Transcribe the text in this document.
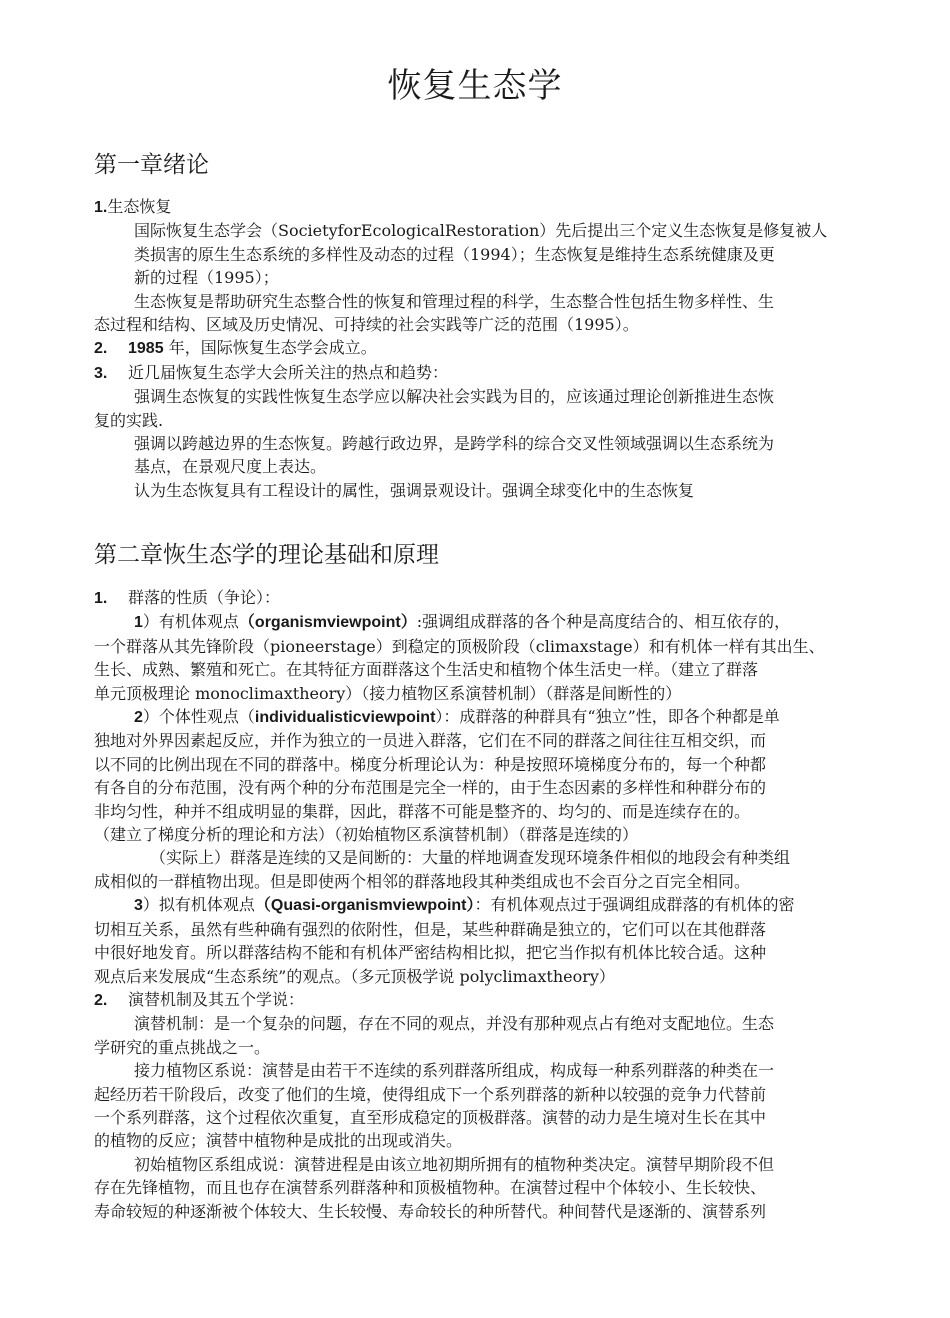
恢复生态学
第一章绪论
1.生态恢复
国际恢复生态学会（SocietyforEcologicalRestoration）先后提出三个定义生态恢复是修复被人
类损害的原生生态系统的多样性及动态的过程（1994）；生态恢复是维持生态系统健康及更
新的过程（1995）；
生态恢复是帮助研究生态整合性的恢复和管理过程的科学，生态整合性包括生物多样性、生
态过程和结构、区域及历史情况、可持续的社会实践等广泛的范围（1995）。
2. 1985 年，国际恢复生态学会成立。
3. 近几届恢复生态学大会所关注的热点和趋势：
强调生态恢复的实践性恢复生态学应以解决社会实践为目的，应该通过理论创新推进生态恢
复的实践.
强调以跨越边界的生态恢复。跨越行政边界，是跨学科的综合交叉性领域强调以生态系统为
基点，在景观尺度上表达。
认为生态恢复具有工程设计的属性，强调景观设计。强调全球变化中的生态恢复
第二章恢生态学的理论基础和原理
1. 群落的性质（争论）：
1）有机体观点（organismviewpoint）:强调组成群落的各个种是高度结合的、相互依存的，
一个群落从其先锋阶段（pioneerstage）到稳定的顶极阶段（climaxstage）和有机体一样有其出生、
生长、成熟、繁殖和死亡。在其特征方面群落这个生活史和植物个体生活史一样。（建立了群落
单元顶极理论 monoclimaxtheory）（接力植物区系演替机制）（群落是间断性的）
2）个体性观点（individualisticviewpoint）：成群落的种群具有“独立”性，即各个种都是单
独地对外界因素起反应，并作为独立的一员进入群落，它们在不同的群落之间往往互相交织，而
以不同的比例出现在不同的群落中。梯度分析理论认为：种是按照环境梯度分布的，每一个种都
有各自的分布范围，没有两个种的分布范围是完全一样的，由于生态因素的多样性和种群分布的
非均匀性，种并不组成明显的集群，因此，群落不可能是整齐的、均匀的、而是连续存在的。
（建立了梯度分析的理论和方法）（初始植物区系演替机制）（群落是连续的）
（实际上）群落是连续的又是间断的：大量的样地调查发现环境条件相似的地段会有种类组
成相似的一群植物出现。但是即使两个相邻的群落地段其种类组成也不会百分之百完全相同。
3）拟有机体观点（Quasi-organismviewpoint）：有机体观点过于强调组成群落的有机体的密
切相互关系，虽然有些种确有强烈的依附性，但是，某些种群确是独立的，它们可以在其他群落
中很好地发育。所以群落结构不能和有机体严密结构相比拟，把它当作拟有机体比较合适。这种
观点后来发展成“生态系统”的观点。（多元顶极学说 polyclimaxtheory）
2. 演替机制及其五个学说：
演替机制：是一个复杂的问题，存在不同的观点，并没有那种观点占有绝对支配地位。生态
学研究的重点挑战之一。
接力植物区系说：演替是由若干不连续的系列群落所组成，构成每一种系列群落的种类在一
起经历若干阶段后，改变了他们的生境，使得组成下一个系列群落的新种以较强的竞争力代替前
一个系列群落，这个过程依次重复，直至形成稳定的顶极群落。演替的动力是生境对生长在其中
的植物的反应；演替中植物种是成批的出现或消失。
初始植物区系组成说：演替进程是由该立地初期所拥有的植物种类决定。演替早期阶段不但
存在先锋植物，而且也存在演替系列群落种和顶极植物种。在演替过程中个体较小、生长较快、
寿命较短的种逐渐被个体较大、生长较慢、寿命较长的种所替代。种间替代是逐渐的、演替系列
